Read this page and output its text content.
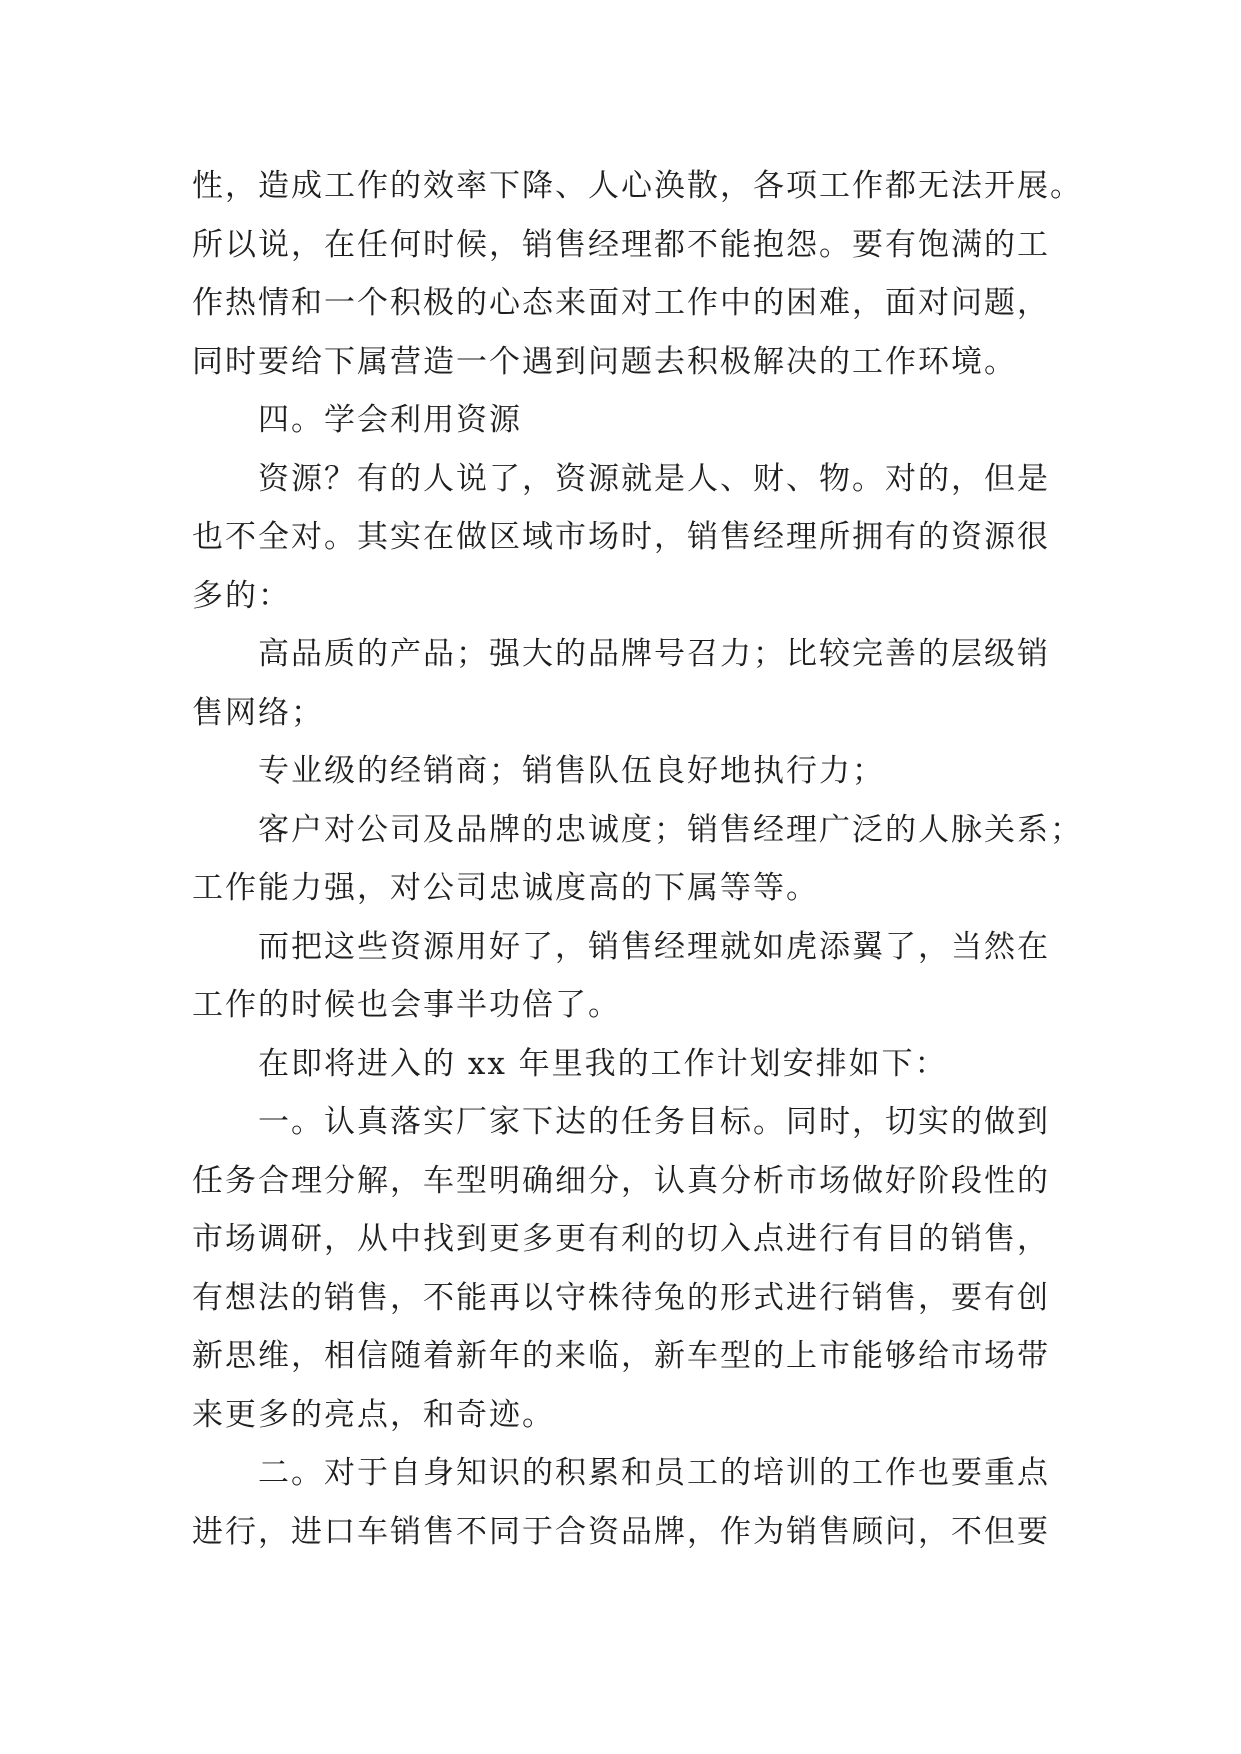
性，造成工作的效率下降、人心涣散，各项工作都无法开展。
所以说，在任何时候，销售经理都不能抱怨。要有饱满的工
作热情和一个积极的心态来面对工作中的困难，面对问题，
同时要给下属营造一个遇到问题去积极解决的工作环境。
四。学会利用资源
资源？有的人说了，资源就是人、财、物。对的，但是
也不全对。其实在做区域市场时，销售经理所拥有的资源很
多的：
高品质的产品；强大的品牌号召力；比较完善的层级销
售网络；
专业级的经销商；销售队伍良好地执行力；
客户对公司及品牌的忠诚度；销售经理广泛的人脉关系；
工作能力强，对公司忠诚度高的下属等等。
而把这些资源用好了，销售经理就如虎添翼了，当然在
工作的时候也会事半功倍了。
在即将进入的 xx 年里我的工作计划安排如下：
一。认真落实厂家下达的任务目标。同时，切实的做到
任务合理分解，车型明确细分，认真分析市场做好阶段性的
市场调研，从中找到更多更有利的切入点进行有目的销售，
有想法的销售，不能再以守株待兔的形式进行销售，要有创
新思维，相信随着新年的来临，新车型的上市能够给市场带
来更多的亮点，和奇迹。
二。对于自身知识的积累和员工的培训的工作也要重点
进行，进口车销售不同于合资品牌，作为销售顾问，不但要
